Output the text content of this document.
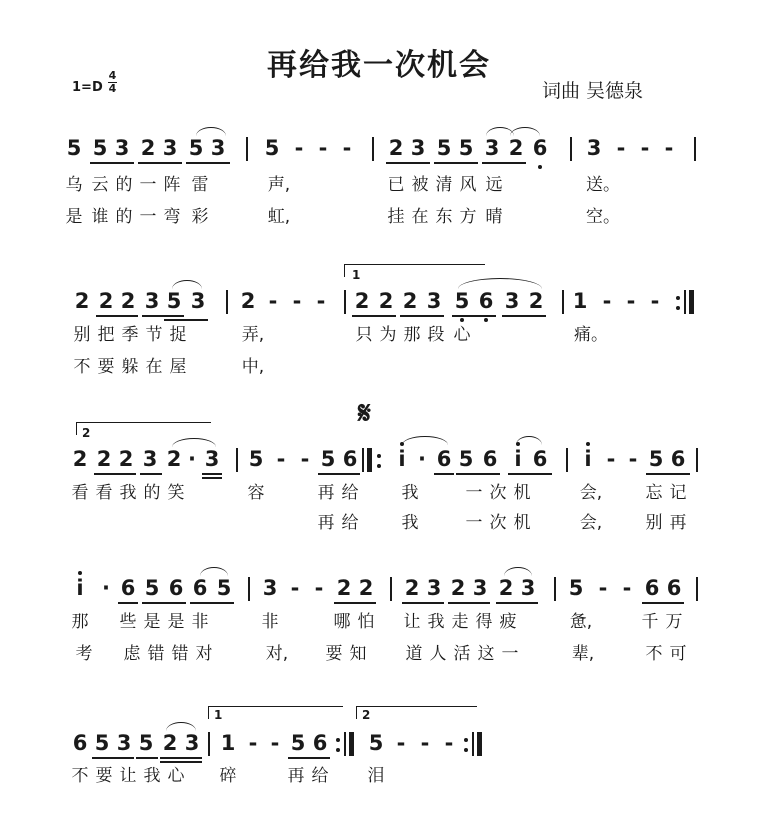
再给我一次机会
1=D
4
4	词曲 吴德泉
5 5 3 2 3 5 3 5 - - - 2 3 5 5 3 2 6 3 - - -
乌 云 的 一 阵 雷	声,	已 被 清 风 远	送。
是 谁 的 一 弯 彩	虹,	挂 在 东 方 晴	空。
1
2 2 2 3 5 3 2 - - - 2 2 2 3 5 6 3 2 1 - - -
别 把 季 节 捉	弄,	只 为 那 段 心	痛。
不 要 躲 在 屋	中,
2
𝄋
2 2 2 3 2 · 3 5 - - 5 6	i · 6 5 6 i 6	i - - 5 6
看 看 我 的 笑	容	再 给	我	一 次 机	会,	忘 记
再 给	我	一 次 机	会,	别 再
i · 6 5 6 6 5 3 - - 2 2 2 3 2 3 2 3 5 - - 6 6
那 些 是 是 非	非	哪 怕 让 我 走 得 疲	惫,	千 万
考 虑 错 错 对	对, 要 知 道 人 活 这 一	辈,	不 可
1	2
6 5 3 5 2 3 1 - - 5 6 5 - - -
不 要 让 我 心 碎	再 给 泪
